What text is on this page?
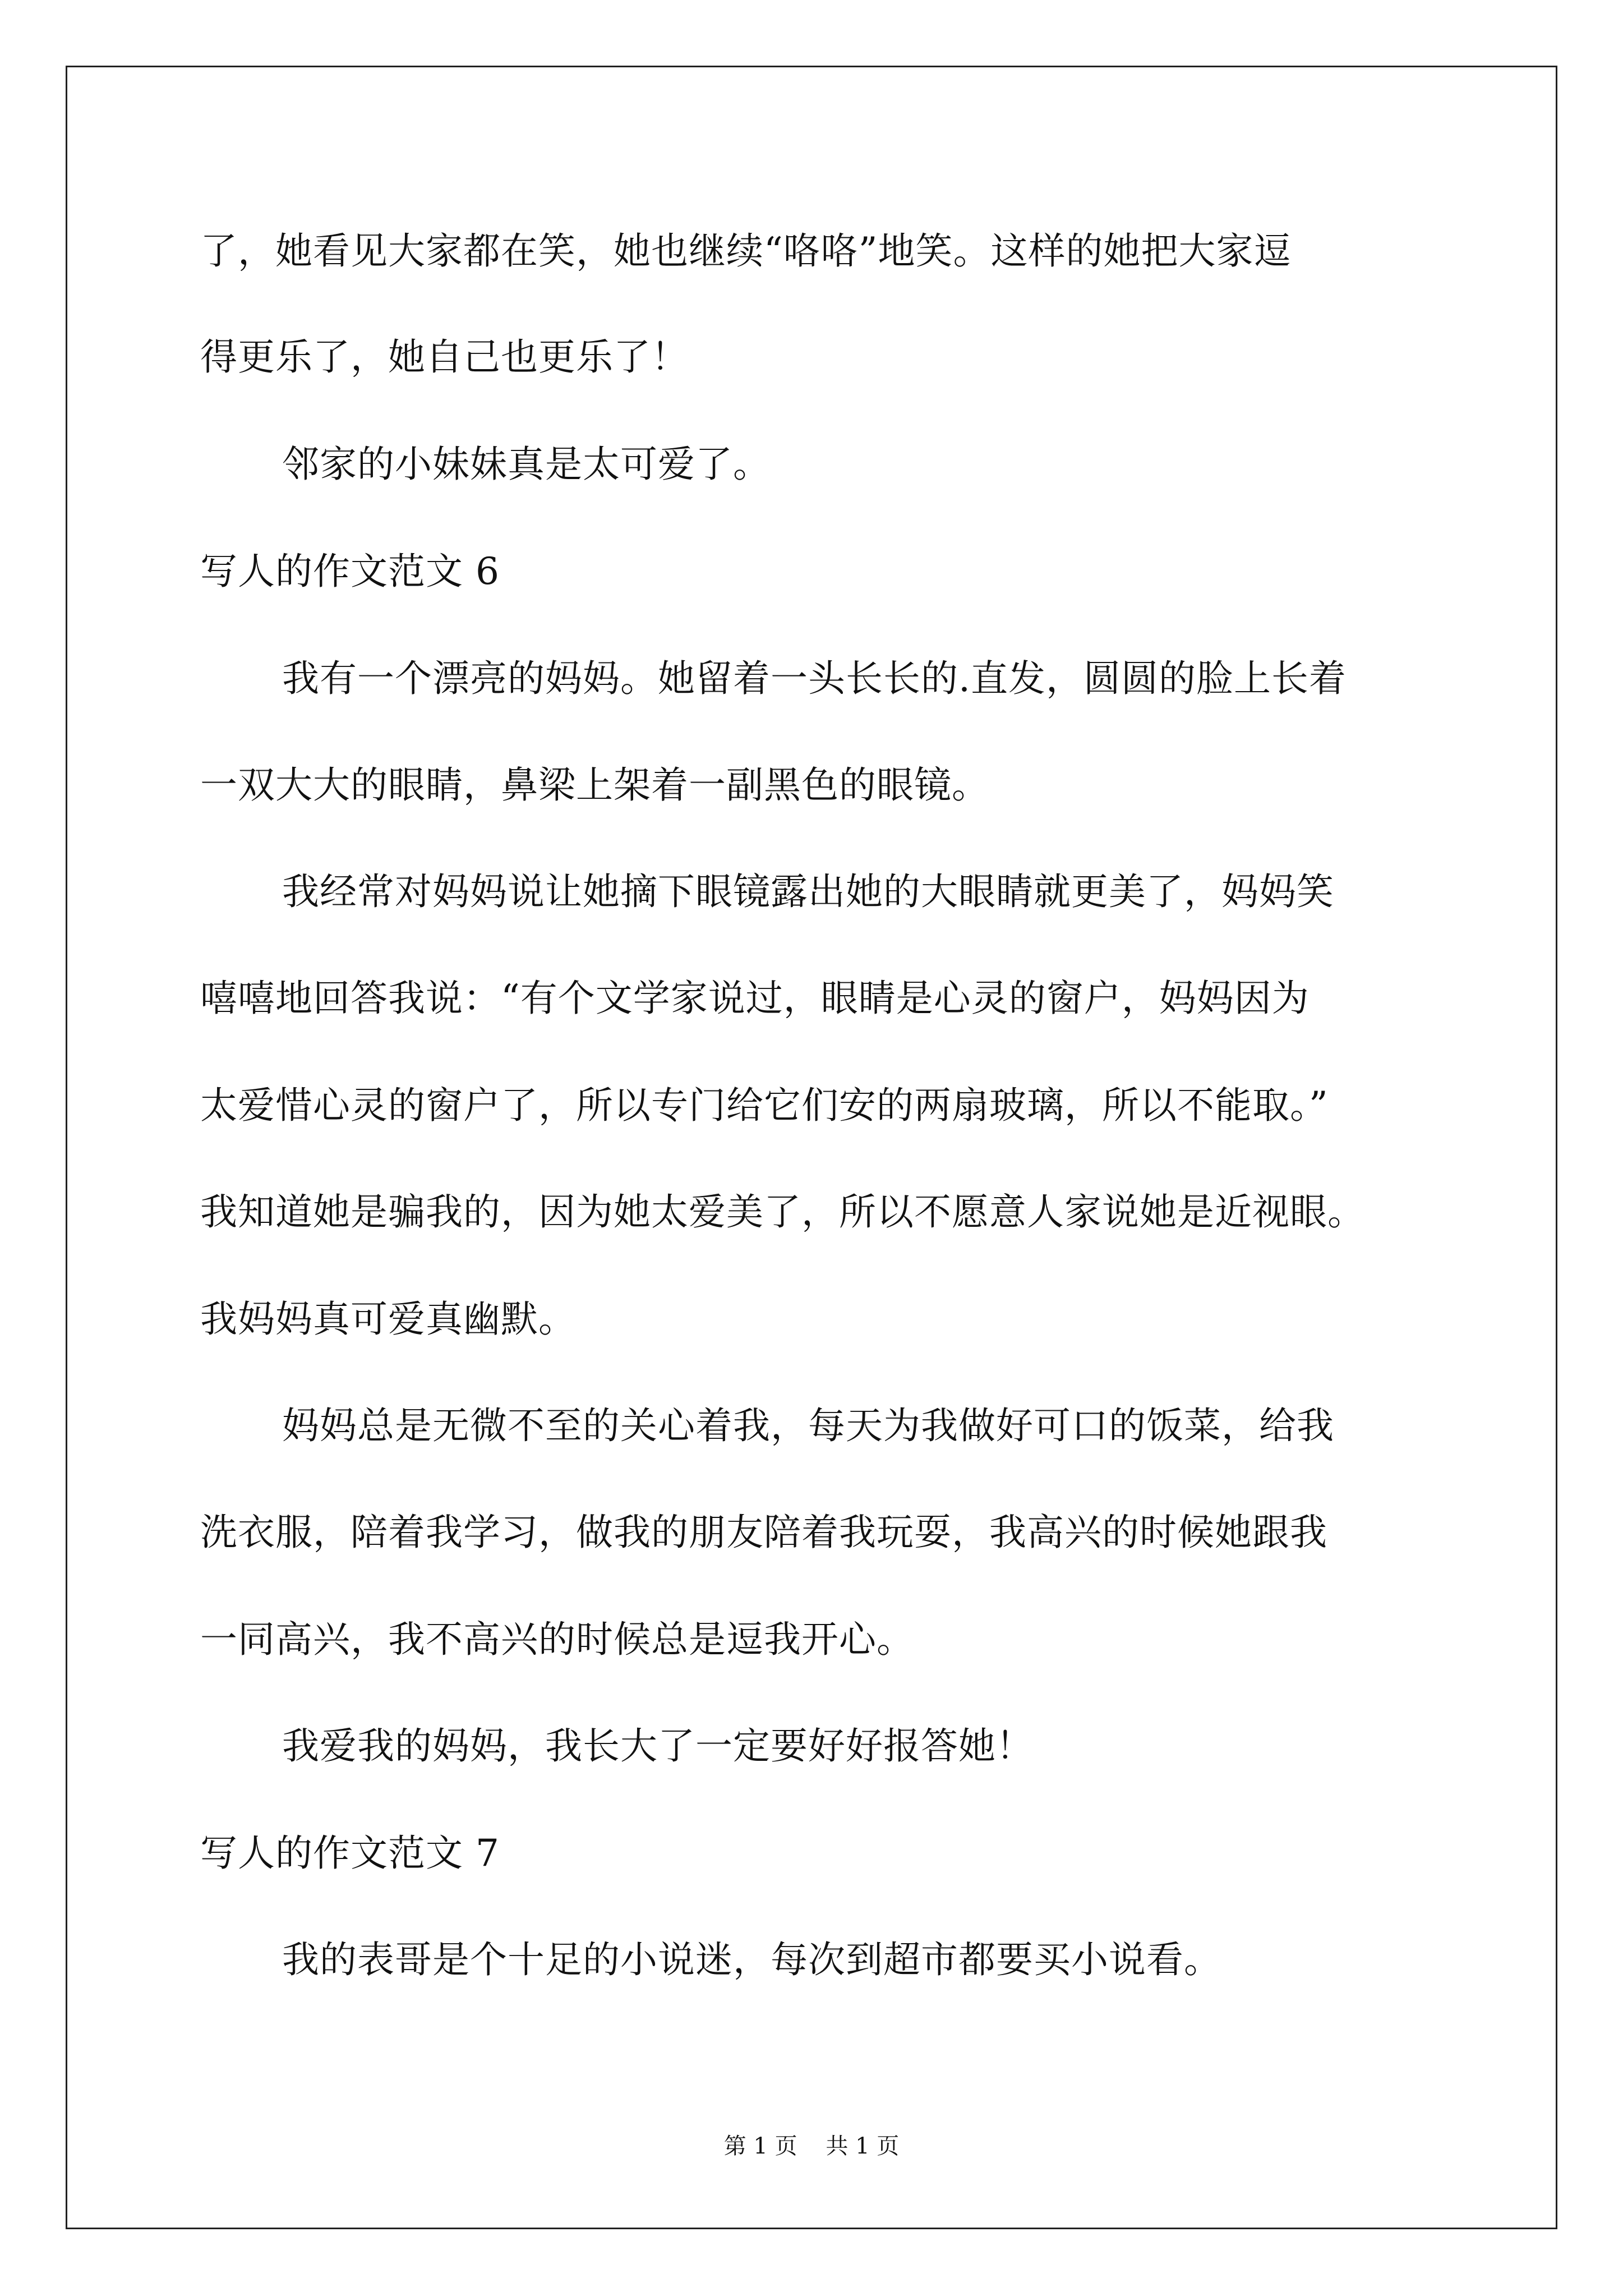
了，她看见大家都在笑，她也继续“咯咯”地笑。这样的她把大家逗
得更乐了，她自己也更乐了！
邻家的小妹妹真是太可爱了。
写人的作文范文 6
我有一个漂亮的妈妈。她留着一头长长的.直发，圆圆的脸上长着
一双大大的眼睛，鼻梁上架着一副黑色的眼镜。
我经常对妈妈说让她摘下眼镜露出她的大眼睛就更美了，妈妈笑
嘻嘻地回答我说：“有个文学家说过，眼睛是心灵的窗户，妈妈因为
太爱惜心灵的窗户了，所以专门给它们安的两扇玻璃，所以不能取。”
我知道她是骗我的，因为她太爱美了，所以不愿意人家说她是近视眼。
我妈妈真可爱真幽默。
妈妈总是无微不至的关心着我，每天为我做好可口的饭菜，给我
洗衣服，陪着我学习，做我的朋友陪着我玩耍，我高兴的时候她跟我
一同高兴，我不高兴的时候总是逗我开心。
我爱我的妈妈，我长大了一定要好好报答她！
写人的作文范文 7
我的表哥是个十足的小说迷，每次到超市都要买小说看。
第 1 页    共 1 页
